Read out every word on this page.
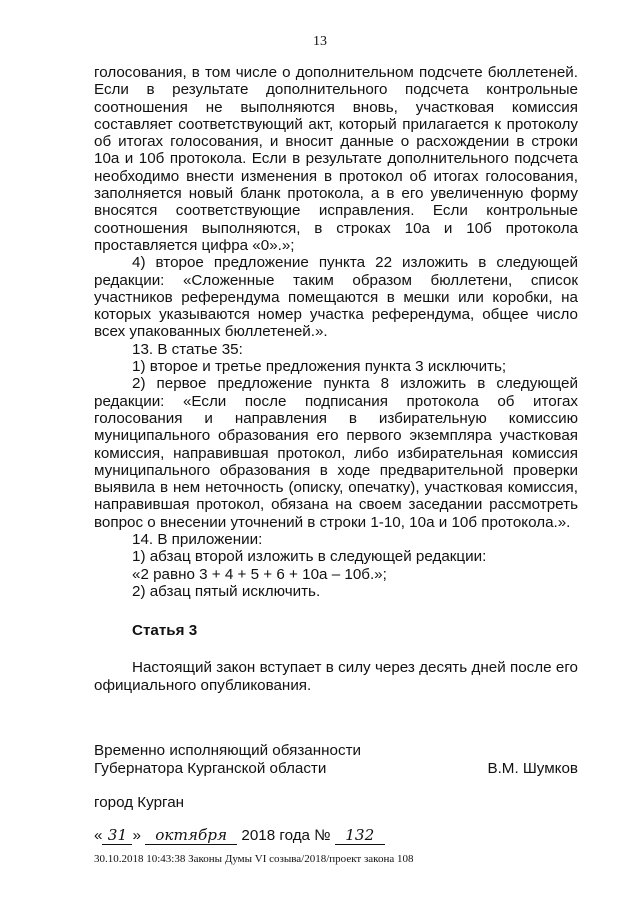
13

голосования, в том числе о дополнительном подсчете бюллетеней. Если в результате дополнительного подсчета контрольные соотношения не выполняются вновь, участковая комиссия составляет соответствующий акт, который прилагается к протоколу об итогах голосования, и вносит данные о расхождении в строки 10а и 10б протокола. Если в результате дополнительного подсчета необходимо внести изменения в протокол об итогах голосования, заполняется новый бланк протокола, а в его увеличенную форму вносятся соответствующие исправления. Если контрольные соотношения выполняются, в строках 10а и 10б протокола проставляется цифра «0».»;

4) второе предложение пункта 22 изложить в следующей редакции: «Сложенные таким образом бюллетени, список участников референдума помещаются в мешки или коробки, на которых указываются номер участка референдума, общее число всех упакованных бюллетеней.».

13. В статье 35:

1) второе и третье предложения пункта 3 исключить;

2) первое предложение пункта 8 изложить в следующей редакции: «Если после подписания протокола об итогах голосования и направления в избирательную комиссию муниципального образования его первого экземпляра участковая комиссия, направившая протокол, либо избирательная комиссия муниципального образования в ходе предварительной проверки выявила в нем неточность (описку, опечатку), участковая комиссия, направившая протокол, обязана на своем заседании рассмотреть вопрос о внесении уточнений в строки 1-10, 10а и 10б протокола.».

14. В приложении:

1) абзац второй изложить в следующей редакции:

«2 равно 3 + 4 + 5 + 6 + 10а – 10б.»;

2) абзац пятый исключить.

Статья 3

Настоящий закон вступает в силу через десять дней после его официального опубликования.

Временно исполняющий обязанности
Губернатора Курганской области	В.М. Шумков
город Курган
« 31 » октября 2018 года № 132
30.10.2018 10:43:38 Законы Думы VI созыва/2018/проект закона 108
